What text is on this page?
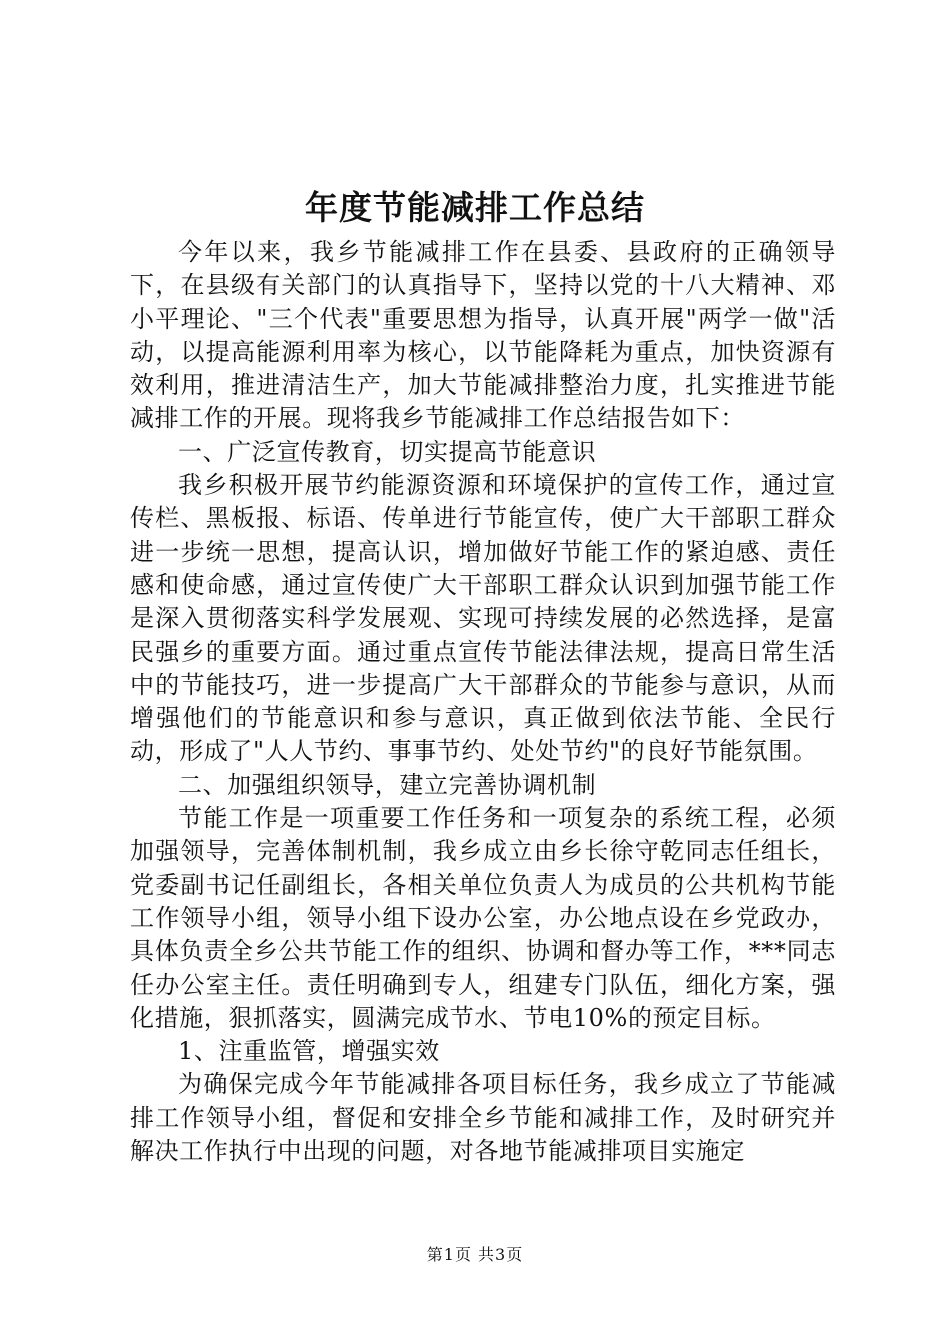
年度节能减排工作总结

今年以来，我乡节能减排工作在县委、县政府的正确领导下，在县级有关部门的认真指导下，坚持以党的十八大精神、邓小平理论、"三个代表"重要思想为指导，认真开展"两学一做"活动，以提高能源利用率为核心，以节能降耗为重点，加快资源有效利用，推进清洁生产，加大节能减排整治力度，扎实推进节能减排工作的开展。现将我乡节能减排工作总结报告如下：

一、广泛宣传教育，切实提高节能意识

我乡积极开展节约能源资源和环境保护的宣传工作，通过宣传栏、黑板报、标语、传单进行节能宣传，使广大干部职工群众进一步统一思想，提高认识，增加做好节能工作的紧迫感、责任感和使命感，通过宣传使广大干部职工群众认识到加强节能工作是深入贯彻落实科学发展观、实现可持续发展的必然选择，是富民强乡的重要方面。通过重点宣传节能法律法规，提高日常生活中的节能技巧，进一步提高广大干部群众的节能参与意识，从而增强他们的节能意识和参与意识，真正做到依法节能、全民行动，形成了"人人节约、事事节约、处处节约"的良好节能氛围。

二、加强组织领导，建立完善协调机制

节能工作是一项重要工作任务和一项复杂的系统工程，必须加强领导，完善体制机制，我乡成立由乡长徐守乾同志任组长，党委副书记任副组长，各相关单位负责人为成员的公共机构节能工作领导小组，领导小组下设办公室，办公地点设在乡党政办，具体负责全乡公共节能工作的组织、协调和督办等工作，***同志任办公室主任。责任明确到专人，组建专门队伍，细化方案，强化措施，狠抓落实，圆满完成节水、节电10%的预定目标。

1、注重监管，增强实效

为确保完成今年节能减排各项目标任务，我乡成立了节能减排工作领导小组，督促和安排全乡节能和减排工作，及时研究并解决工作执行中出现的问题，对各地节能减排项目实施定

第1页 共3页
